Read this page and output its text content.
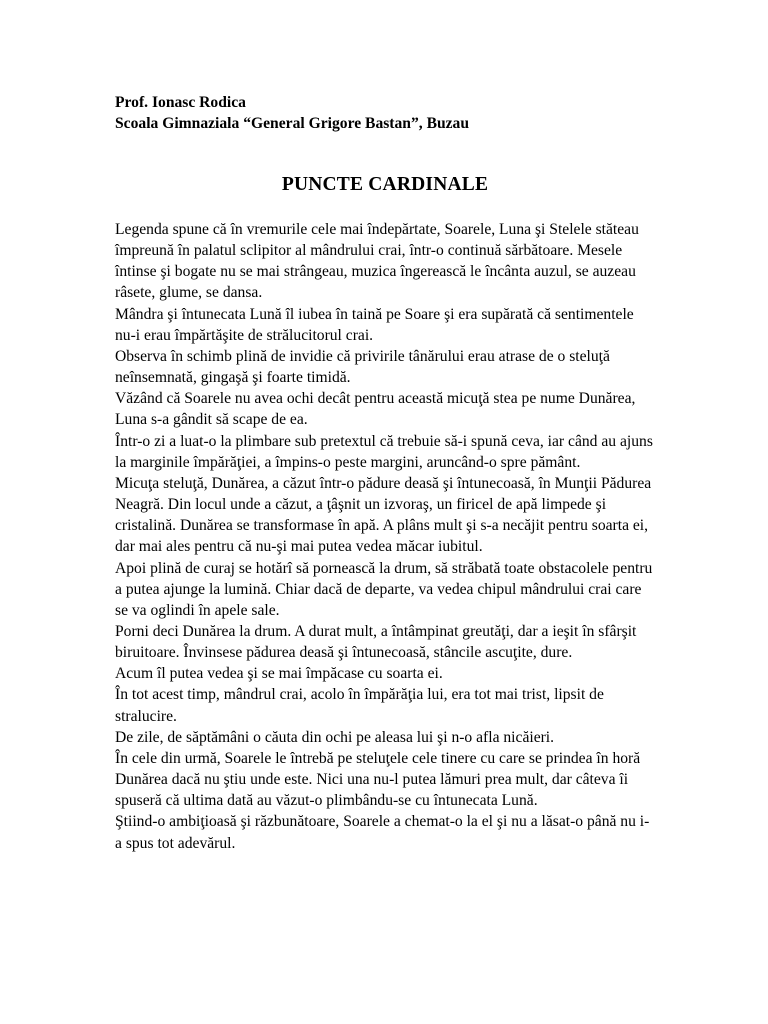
Prof. Ionasc Rodica

Scoala Gimnaziala “General Grigore Bastan”, Buzau

PUNCTE CARDINALE

Legenda spune că în vremurile cele mai îndepărtate, Soarele, Luna şi Stelele stăteau împreună în palatul sclipitor al mândrului crai, într-o continuă sărbătoare. Mesele întinse şi bogate nu se mai strângeau, muzica îngerească le încânta auzul, se auzeau râsete, glume, se dansa.

Mândra şi întunecata Lună îl iubea în taină pe Soare şi era supărată că sentimentele nu-i erau împărtăşite de strălucitorul crai.

Observa în schimb plină de invidie că privirile tânărului erau atrase de o steluţă neînsemnată, gingaşă şi foarte timidă.

Văzând că Soarele nu avea ochi decât pentru această micuţă stea pe nume Dunărea, Luna s-a gândit să scape de ea.

Într-o zi a luat-o la plimbare sub pretextul că trebuie să-i spună ceva, iar când au ajuns la marginile împărăţiei, a împins-o peste margini, aruncând-o spre pământ.

Micuţa steluţă, Dunărea, a căzut într-o pădure deasă şi întunecoasă, în Munţii Pădurea Neagră. Din locul unde a căzut, a ţâşnit un izvoraş, un firicel de apă limpede şi cristalină. Dunărea se transformase în apă. A plâns mult şi s-a necăjit pentru soarta ei, dar mai ales pentru că nu-şi mai putea vedea măcar iubitul.

Apoi plină de curaj se hotărî să pornească la drum, să străbată toate obstacolele pentru a putea ajunge la lumină. Chiar dacă de departe, va vedea chipul mândrului crai care se va oglindi în apele sale.

Porni deci Dunărea la drum. A durat mult, a întâmpinat greutăţi, dar a ieşit în sfârşit biruitoare. Învinsese pădurea deasă şi întunecoasă, stâncile ascuţite, dure.

Acum îl putea vedea şi se mai împăcase cu soarta ei.

În tot acest timp, mândrul crai, acolo în împărăţia lui, era tot mai trist, lipsit de stralucire.

De zile, de săptămâni o căuta din ochi pe aleasa lui şi n-o afla nicăieri.

În cele din urmă, Soarele le întrebă pe steluţele cele tinere cu care se prindea în horă Dunărea dacă nu ştiu unde este. Nici una nu-l putea lămuri prea mult, dar câteva îi spuseră că ultima dată au văzut-o plimbându-se cu întunecata Lună.

Ştiind-o ambiţioasă şi răzbunătoare, Soarele a chemat-o la el şi nu a lăsat-o până nu i-a spus tot adevărul.
